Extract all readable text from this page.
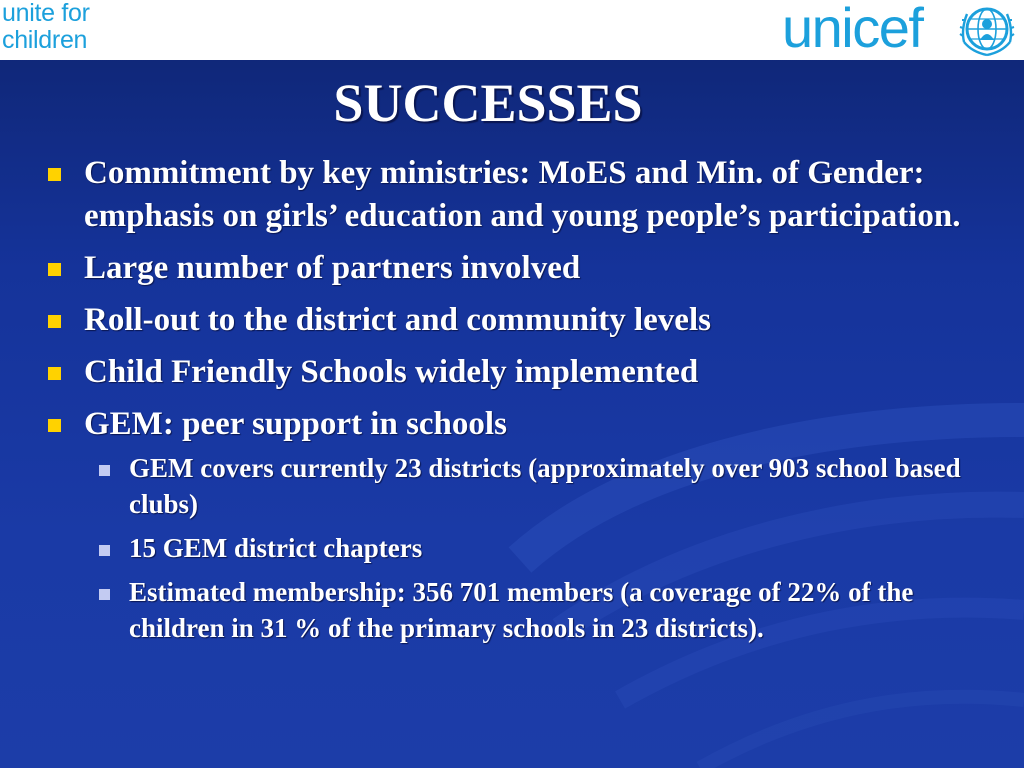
unite for
children	unicef
SUCCESSES
Commitment by key ministries: MoES and Min. of Gender: emphasis on girls’ education and young people’s participation.
Large number of partners involved
Roll-out to the district and community levels
Child Friendly Schools widely implemented
GEM: peer support in schools
GEM covers currently 23 districts (approximately over 903 school based clubs)
15 GEM district chapters
Estimated membership: 356 701 members (a coverage of 22% of the children in 31 % of the primary schools in 23 districts).
